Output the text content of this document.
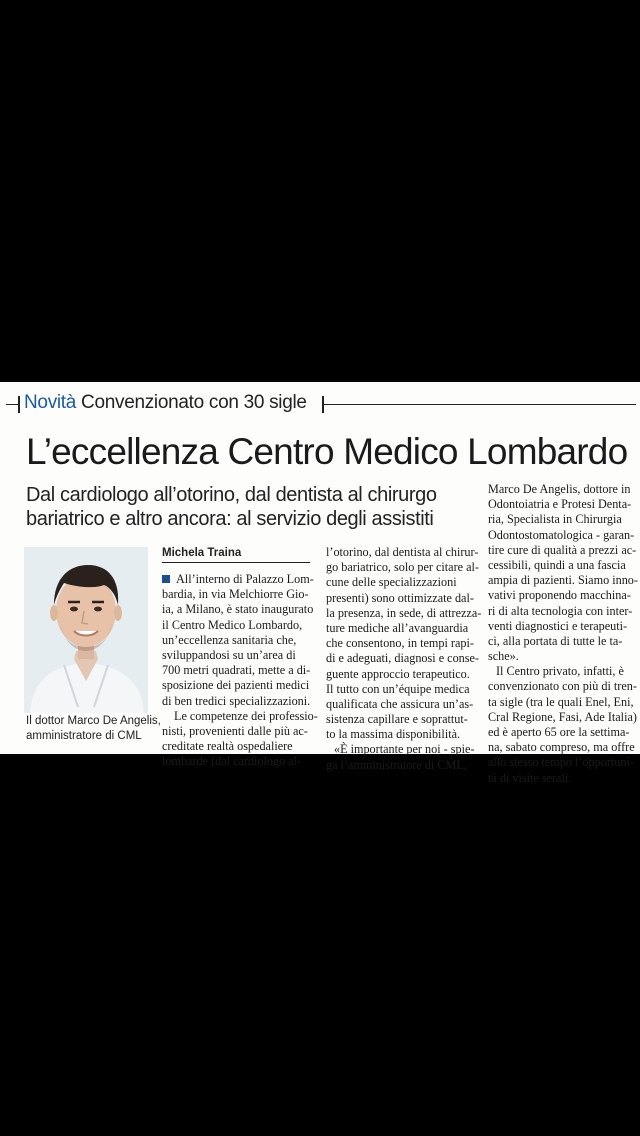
Novità Convenzionato con 30 sigle
L’eccellenza Centro Medico Lombardo
Dal cardiologo all’otorino, dal dentista al chirurgo
bariatrico e altro ancora: al servizio degli assistiti
Il dottor Marco De Angelis,
amministratore di CML
Michela Traina
All’interno di Palazzo Lom-
bardia, in via Melchiorre Gio-
ia, a Milano, è stato inaugurato
il Centro Medico Lombardo,
un’eccellenza sanitaria che,
sviluppandosi su un’area di
700 metri quadrati, mette a di-
sposizione dei pazienti medici
di ben tredici specializzazioni.
Le competenze dei professio-
nisti, provenienti dalle più ac-
creditate realtà ospedaliere
lombarde (dal cardiologo al-
l’otorino, dal dentista al chirur-
go bariatrico, solo per citare al-
cune delle specializzazioni
presenti) sono ottimizzate dal-
la presenza, in sede, di attrezza-
ture mediche all’avanguardia
che consentono, in tempi rapi-
di e adeguati, diagnosi e conse-
guente approccio terapeutico.
Il tutto con un’équipe medica
qualificata che assicura un’as-
sistenza capillare e soprattut-
to la massima disponibilità.
«È importante per noi - spie-
ga l’amministratore di CML,
Marco De Angelis, dottore in
Odontoiatria e Protesi Denta-
ria, Specialista in Chirurgia
Odontostomatologica - garan-
tire cure di qualità a prezzi ac-
cessibili, quindi a una fascia
ampia di pazienti. Siamo inno-
vativi proponendo macchina-
ri di alta tecnologia con inter-
venti diagnostici e terapeuti-
ci, alla portata di tutte le ta-
sche».
Il Centro privato, infatti, è
convenzionato con più di tren-
ta sigle (tra le quali Enel, Eni,
Cral Regione, Fasi, Ade Italia)
ed è aperto 65 ore la settima-
na, sabato compreso, ma offre
allo stesso tempo l’opportuni-
tà di visite serali.
